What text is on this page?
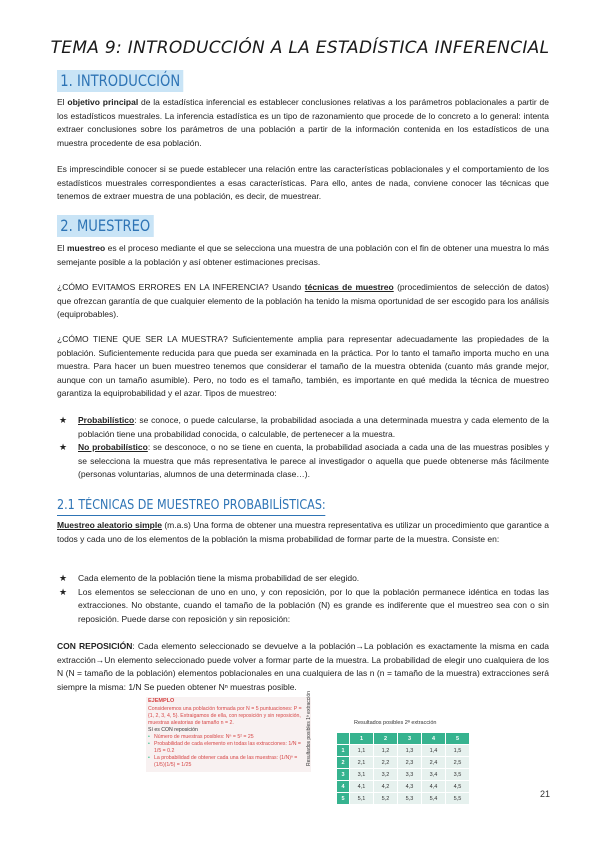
TEMA 9: INTRODUCCIÓN A LA ESTADÍSTICA INFERENCIAL
1. INTRODUCCIÓN
El objetivo principal de la estadística inferencial es establecer conclusiones relativas a los parámetros poblacionales a partir de los estadísticos muestrales. La inferencia estadística es un tipo de razonamiento que procede de lo concreto a lo general: intenta extraer conclusiones sobre los parámetros de una población a partir de la información contenida en los estadísticos de una muestra procedente de esa población.
Es imprescindible conocer si se puede establecer una relación entre las características poblacionales y el comportamiento de los estadísticos muestrales correspondientes a esas características. Para ello, antes de nada, conviene conocer las técnicas que tenemos de extraer muestra de una población, es decir, de muestrear.
2. MUESTREO
El muestreo es el proceso mediante el que se selecciona una muestra de una población con el fin de obtener una muestra lo más semejante posible a la población y así obtener estimaciones precisas.
¿CÓMO EVITAMOS ERRORES EN LA INFERENCIA? Usando técnicas de muestreo (procedimientos de selección de datos) que ofrezcan garantía de que cualquier elemento de la población ha tenido la misma oportunidad de ser escogido para los análisis (equiprobables).
¿CÓMO TIENE QUE SER LA MUESTRA? Suficientemente amplia para representar adecuadamente las propiedades de la población. Suficientemente reducida para que pueda ser examinada en la práctica. Por lo tanto el tamaño importa mucho en una muestra. Para hacer un buen muestreo tenemos que considerar el tamaño de la muestra obtenida (cuanto más grande mejor, aunque con un tamaño asumible). Pero, no todo es el tamaño, también, es importante en qué medida la técnica de muestreo garantiza la equiprobabilidad y el azar. Tipos de muestreo:
★ Probabilístico: se conoce, o puede calcularse, la probabilidad asociada a una determinada muestra y cada elemento de la población tiene una probabilidad conocida, o calculable, de pertenecer a la muestra.
★ No probabilístico: se desconoce, o no se tiene en cuenta, la probabilidad asociada a cada una de las muestras posibles y se selecciona la muestra que más representativa le parece al investigador o aquella que puede obtenerse más fácilmente (personas voluntarias, alumnos de una determinada clase…).
2.1 TÉCNICAS DE MUESTREO PROBABILÍSTICAS:
Muestreo aleatorio simple (m.a.s) Una forma de obtener una muestra representativa es utilizar un procedimiento que garantice a todos y cada uno de los elementos de la población la misma probabilidad de formar parte de la muestra. Consiste en:
★ Cada elemento de la población tiene la misma probabilidad de ser elegido.
★ Los elementos se seleccionan de uno en uno, y con reposición, por lo que la población permanece idéntica en todas las extracciones. No obstante, cuando el tamaño de la población (N) es grande es indiferente que el muestreo sea con o sin reposición. Puede darse con reposición y sin reposición:
CON REPOSICIÓN: Cada elemento seleccionado se devuelve a la población→La población es exactamente la misma en cada extracción→Un elemento seleccionado puede volver a formar parte de la muestra. La probabilidad de elegir uno cualquiera de los N (N = tamaño de la población) elementos poblacionales en una cualquiera de las n (n = tamaño de la muestra) extracciones será siempre la misma: 1/N Se pueden obtener Nⁿ muestras posible.
EJEMPLO
Consideremos una población formada por N = 5 puntuaciones: P = {1, 2, 3, 4, 5}. Extraigamos de ella, con reposición y sin reposición, muestras aleatorias de tamaño n = 2.
Sí es CON reposición
• Número de muestras posibles: Nⁿ = 5² = 25
• Probabilidad de cada elemento en todas las extracciones: 1/N = 1/5 = 0.2
• La probabilidad de obtener cada una de las muestras: (1/N)ⁿ = (1/5)(1/5) = 1/25
Resultados posibles 2ª extracción
Resultados posibles 1ª extracción
		1	2	3	4	5
1	1,1	1,2	1,3	1,4	1,5
2	2,1	2,2	2,3	2,4	2,5
3	3,1	3,2	3,3	3,4	3,5
4	4,1	4,2	4,3	4,4	4,5
5	5,1	5,2	5,3	5,4	5,5	21
